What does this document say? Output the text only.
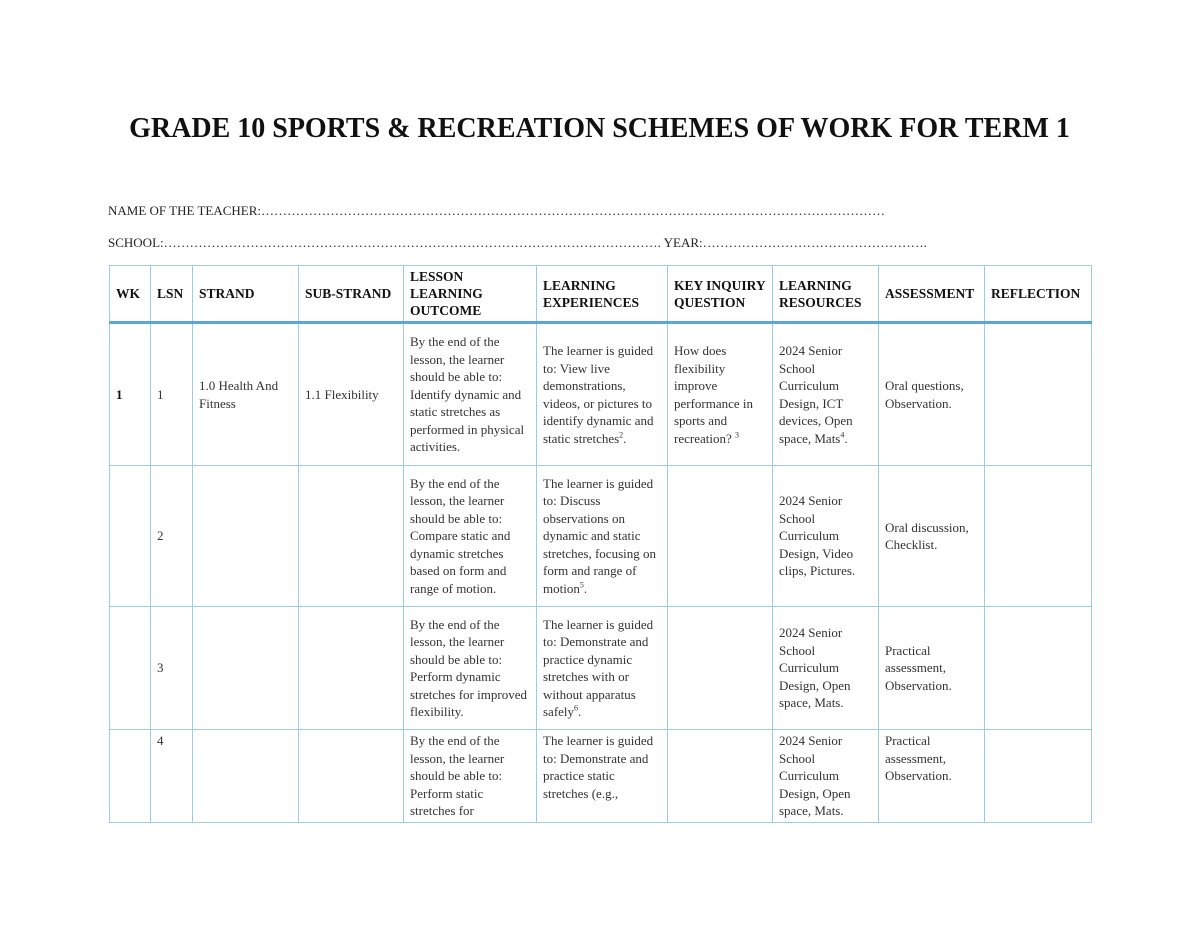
GRADE 10 SPORTS & RECREATION SCHEMES OF WORK FOR TERM 1
NAME OF THE TEACHER:………………………………………………………………………………………………………………………………
SCHOOL:……………………………………………………………………………………………………. YEAR:…………………………………………….
WK	LSN	STRAND	SUB-STRAND	LESSON LEARNING OUTCOME	LEARNING EXPERIENCES	KEY INQUIRY QUESTION	LEARNING RESOURCES	ASSESSMENT	REFLECTION
1	1	1.0 Health And Fitness	1.1 Flexibility	By the end of the lesson, the learner should be able to: Identify dynamic and static stretches as performed in physical activities.	The learner is guided to: View live demonstrations, videos, or pictures to identify dynamic and static stretches$^2$.	How does flexibility improve performance in sports and recreation? $^3$	2024 Senior School Curriculum Design, ICT devices, Open space, Mats$^4$.	Oral questions, Observation.	
	2			By the end of the lesson, the learner should be able to: Compare static and dynamic stretches based on form and range of motion.	The learner is guided to: Discuss observations on dynamic and static stretches, focusing on form and range of motion$^5$.		2024 Senior School Curriculum Design, Video clips, Pictures.	Oral discussion, Checklist.	
	3			By the end of the lesson, the learner should be able to: Perform dynamic stretches for improved flexibility.	The learner is guided to: Demonstrate and practice dynamic stretches with or without apparatus safely$^6$.		2024 Senior School Curriculum Design, Open space, Mats.	Practical assessment, Observation.	
	4			By the end of the lesson, the learner should be able to: Perform static stretches for	The learner is guided to: Demonstrate and practice static stretches (e.g.,		2024 Senior School Curriculum Design, Open space, Mats.	Practical assessment, Observation.	
